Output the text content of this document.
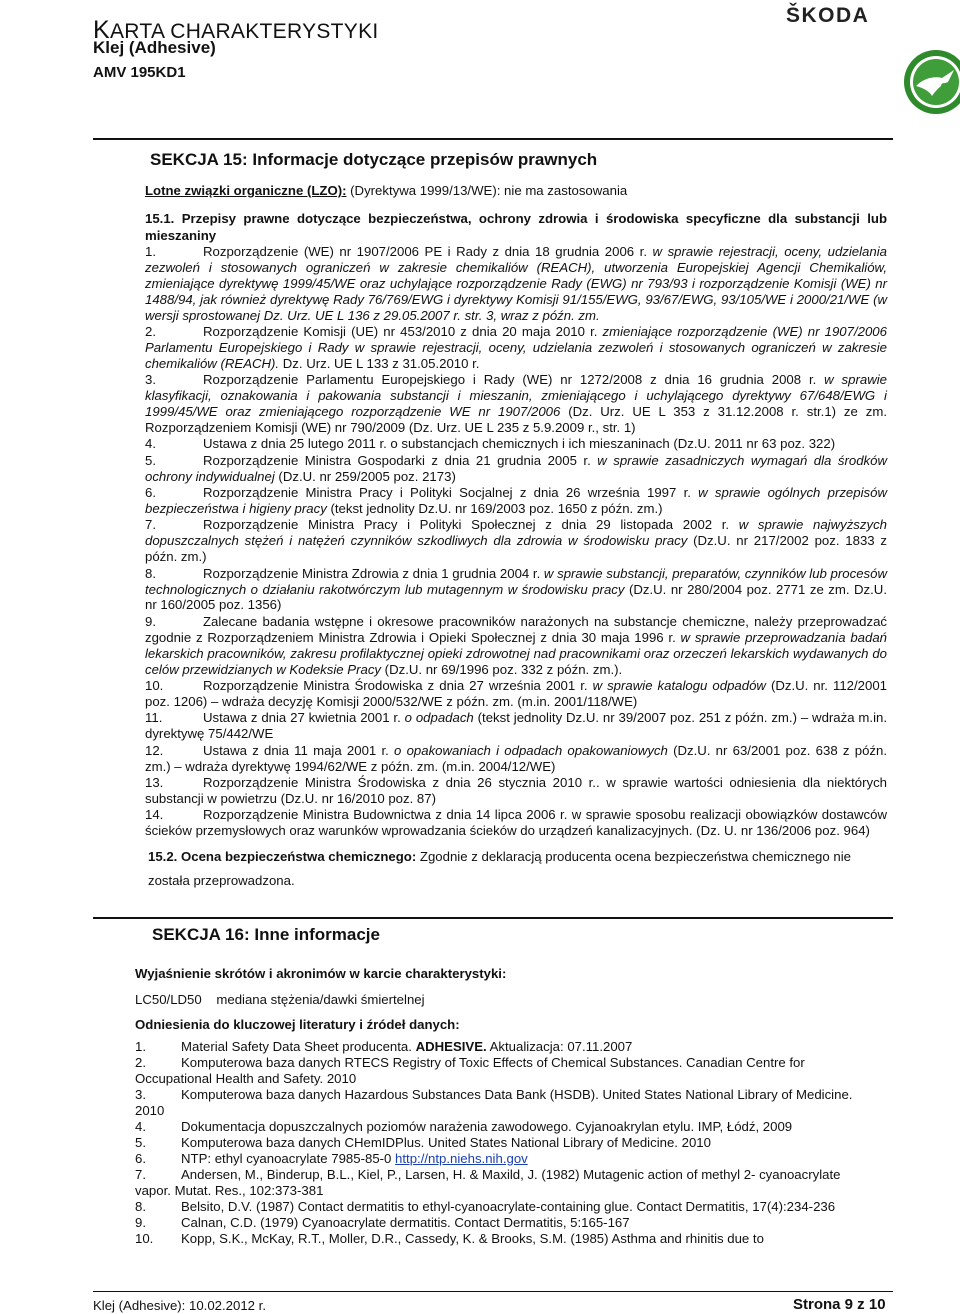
KARTA CHARAKTERYSTYKI
Klej (Adhesive)
AMV 195KD1
ŠKODA
SEKCJA 15: Informacje dotyczące przepisów prawnych
Lotne związki organiczne (LZO): (Dyrektywa 1999/13/WE): nie ma zastosowania
15.1. Przepisy prawne dotyczące bezpieczeństwa, ochrony zdrowia i środowiska specyficzne dla substancji lub mieszaniny

1.	Rozporządzenie (WE) nr 1907/2006 PE i Rady z dnia 18 grudnia 2006 r. w sprawie rejestracji, oceny, udzielania zezwoleń i stosowanych ograniczeń w zakresie chemikaliów (REACH), utworzenia Europejskiej Agencji Chemikaliów, zmieniające dyrektywę 1999/45/WE oraz uchylające rozporządzenie Rady (EWG) nr 793/93 i rozporządzenie Komisji (WE) nr 1488/94, jak również dyrektywę Rady 76/769/EWG i dyrektywy Komisji 91/155/EWG, 93/67/EWG, 93/105/WE i 2000/21/WE (w wersji sprostowanej Dz. Urz. UE L 136 z 29.05.2007 r. str. 3, wraz z późn. zm.

2.	Rozporządzenie Komisji (UE) nr 453/2010 z dnia 20 maja 2010 r. zmieniające rozporządzenie (WE) nr 1907/2006 Parlamentu Europejskiego i Rady w sprawie rejestracji, oceny, udzielania zezwoleń i stosowanych ograniczeń w zakresie chemikaliów (REACH). Dz. Urz. UE L 133 z 31.05.2010 r.

3.	Rozporządzenie Parlamentu Europejskiego i Rady (WE) nr 1272/2008 z dnia 16 grudnia 2008 r. w sprawie klasyfikacji, oznakowania i pakowania substancji i mieszanin, zmieniającego i uchylającego dyrektywy 67/648/EWG i 1999/45/WE oraz zmieniającego rozporządzenie WE nr 1907/2006 (Dz. Urz. UE L 353 z 31.12.2008 r. str.1) ze zm. Rozporządzeniem Komisji (WE) nr 790/2009 (Dz. Urz. UE L 235 z 5.9.2009 r., str. 1)

4.	Ustawa z dnia 25 lutego 2011 r. o substancjach chemicznych i ich mieszaninach (Dz.U. 2011 nr 63 poz. 322)

5.	Rozporządzenie Ministra Gospodarki z dnia 21 grudnia 2005 r. w sprawie zasadniczych wymagań dla środków ochrony indywidualnej (Dz.U. nr 259/2005 poz. 2173)

6.	Rozporządzenie Ministra Pracy i Polityki Socjalnej z dnia 26 września 1997 r. w sprawie ogólnych przepisów bezpieczeństwa i higieny pracy (tekst jednolity Dz.U. nr 169/2003 poz. 1650 z późn. zm.)

7.	Rozporządzenie Ministra Pracy i Polityki Społecznej z dnia 29 listopada 2002 r. w sprawie najwyższych dopuszczalnych stężeń i natężeń czynników szkodliwych dla zdrowia w środowisku pracy (Dz.U. nr 217/2002 poz. 1833 z późn. zm.)

8.	Rozporządzenie Ministra Zdrowia z dnia 1 grudnia 2004 r. w sprawie substancji, preparatów, czynników lub procesów technologicznych o działaniu rakotwórczym lub mutagennym w środowisku pracy (Dz.U. nr 280/2004 poz. 2771 ze zm. Dz.U. nr 160/2005 poz. 1356)

9.	Zalecane badania wstępne i okresowe pracowników narażonych na substancje chemiczne, należy przeprowadzać zgodnie z Rozporządzeniem Ministra Zdrowia i Opieki Społecznej z dnia 30 maja 1996 r. w sprawie przeprowadzania badań lekarskich pracowników, zakresu profilaktycznej opieki zdrowotnej nad pracownikami oraz orzeczeń lekarskich wydawanych do celów przewidzianych w Kodeksie Pracy (Dz.U. nr 69/1996 poz. 332 z późn. zm.).

10.	Rozporządzenie Ministra Środowiska z dnia 27 września 2001 r. w sprawie katalogu odpadów (Dz.U. nr. 112/2001 poz. 1206) – wdraża decyzję Komisji 2000/532/WE z późn. zm. (m.in. 2001/118/WE)

11.	Ustawa z dnia 27 kwietnia 2001 r. o odpadach (tekst jednolity Dz.U. nr 39/2007 poz. 251 z późn. zm.) – wdraża m.in. dyrektywę 75/442/WE

12.	Ustawa z dnia 11 maja 2001 r. o opakowaniach i odpadach opakowaniowych (Dz.U. nr 63/2001 poz. 638 z późn. zm.) – wdraża dyrektywę 1994/62/WE z późn. zm. (m.in. 2004/12/WE)

13.	Rozporządzenie Ministra Środowiska z dnia 26 stycznia 2010 r.. w sprawie wartości odniesienia dla niektórych substancji w powietrzu (Dz.U. nr 16/2010 poz. 87)

14.	Rozporządzenie Ministra Budownictwa z dnia 14 lipca 2006 r. w sprawie sposobu realizacji obowiązków dostawców ścieków przemysłowych oraz warunków wprowadzania ścieków do urządzeń kanalizacyjnych. (Dz. U. nr 136/2006 poz. 964)

15.2. Ocena bezpieczeństwa chemicznego: Zgodnie z deklaracją producenta ocena bezpieczeństwa chemicznego nie została przeprowadzona.
SEKCJA 16: Inne informacje

Wyjaśnienie skrótów i akronimów w karcie charakterystyki:

LC50/LD50    mediana stężenia/dawki śmiertelnej

Odniesienia do kluczowej literatury i źródeł danych:

1.	Material Safety Data Sheet producenta. ADHESIVE. Aktualizacja: 07.11.2007

2.	Komputerowa baza danych RTECS Registry of Toxic Effects of Chemical Substances. Canadian Centre for

Occupational Health and Safety. 2010

3.	Komputerowa baza danych Hazardous Substances Data Bank (HSDB). United States National Library of Medicine.

2010

4.	Dokumentacja dopuszczalnych poziomów narażenia zawodowego. Cyjanoakrylan etylu. IMP, Łódź, 2009

5.	Komputerowa baza danych CHemIDPlus. United States National Library of Medicine. 2010

6.	NTP: ethyl cyanoacrylate 7985-85-0 http://ntp.niehs.nih.gov

7.	Andersen, M., Binderup, B.L., Kiel, P., Larsen, H. & Maxild, J. (1982) Mutagenic action of methyl 2- cyanoacrylate

vapor. Mutat. Res., 102:373-381

8.	Belsito, D.V. (1987) Contact dermatitis to ethyl-cyanoacrylate-containing glue. Contact Dermatitis, 17(4):234-236

9.	Calnan, C.D. (1979) Cyanoacrylate dermatitis. Contact Dermatitis, 5:165-167

10. Kopp, S.K., McKay, R.T., Moller, D.R., Cassedy, K. & Brooks, S.M. (1985) Asthma and rhinitis due to

Klej (Adhesive): 10.02.2012 r.	Strona 9 z 10
